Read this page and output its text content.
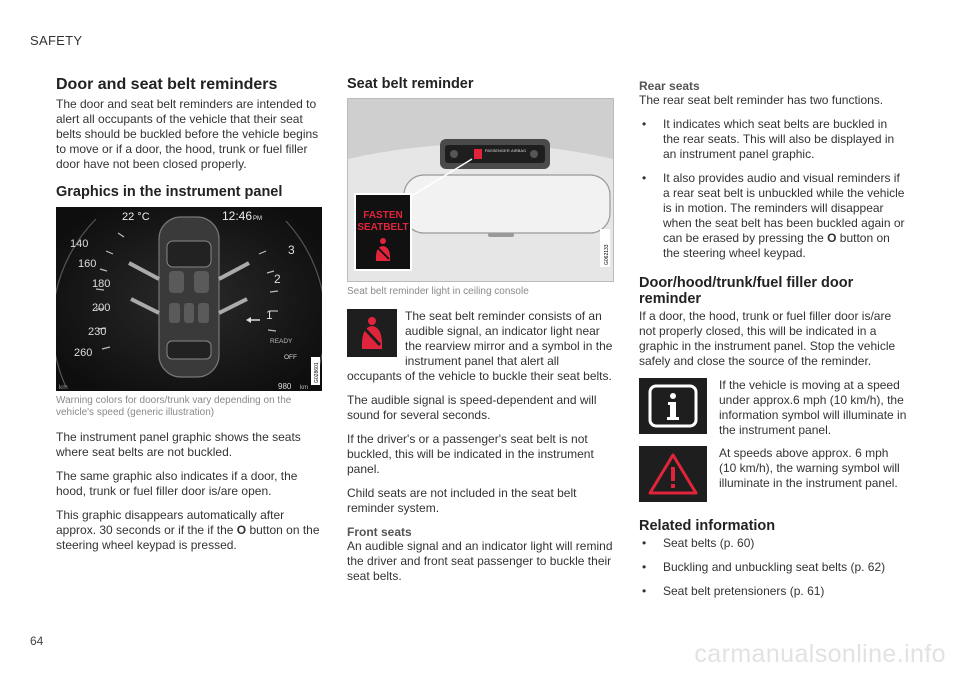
SAFETY
Door and seat belt reminders

The door and seat belt reminders are intended to alert all occupants of the vehicle that their seat belts should be buckled before the vehicle begins to move or if a door, the hood, trunk or fuel filler door have not been closed properly.

Graphics in the instrument panel
140
160
180
200
230
260
3
2
1
22 °C	12:46 PM
READY
OFF
km	980 km
G028601
Warning colors for doors/trunk vary depending on the vehicle's speed (generic illustration)

The instrument panel graphic shows the seats where seat belts are not buckled.

The same graphic also indicates if a door, the hood, trunk or fuel filler door is/are open.

This graphic disappears automatically after approx. 30 seconds or if the if the O button on the steering wheel keypad is pressed.

Seat belt reminder
PASSENGER AIRBAG
FASTEN
SEATBELT
G062133
Seat belt reminder light in ceiling console

The seat belt reminder consists of an audible signal, an indicator light near the rearview mirror and a symbol in the instrument panel that alert all occupants of the vehicle to buckle their seat belts.

The audible signal is speed-dependent and will sound for several seconds.

If the driver's or a passenger's seat belt is not buckled, this will be indicated in the instrument panel.

Child seats are not included in the seat belt reminder system.

Front seats

An audible signal and an indicator light will remind the driver and front seat passenger to buckle their seat belts.

Rear seats

The rear seat belt reminder has two functions.

• It indicates which seat belts are buckled in the rear seats. This will also be displayed in an instrument panel graphic.
• It also provides audio and visual reminders if a rear seat belt is unbuckled while the vehicle is in motion. The reminders will disappear when the seat belt has been buckled again or can be erased by pressing the O button on the steering wheel keypad.
Door/hood/trunk/fuel filler door reminder

If a door, the hood, trunk or fuel filler door is/are not properly closed, this will be indicated in a graphic in the instrument panel. Stop the vehicle safely and close the source of the reminder.

If the vehicle is moving at a speed under approx.6 mph (10 km/h), the information symbol will illuminate in the instrument panel.

At speeds above approx. 6 mph (10 km/h), the warning symbol will illuminate in the instrument panel.

Related information
• Seat belts (p. 60)
• Buckling and unbuckling seat belts (p. 62)
• Seat belt pretensioners (p. 61)
64	carmanualsonline.info
